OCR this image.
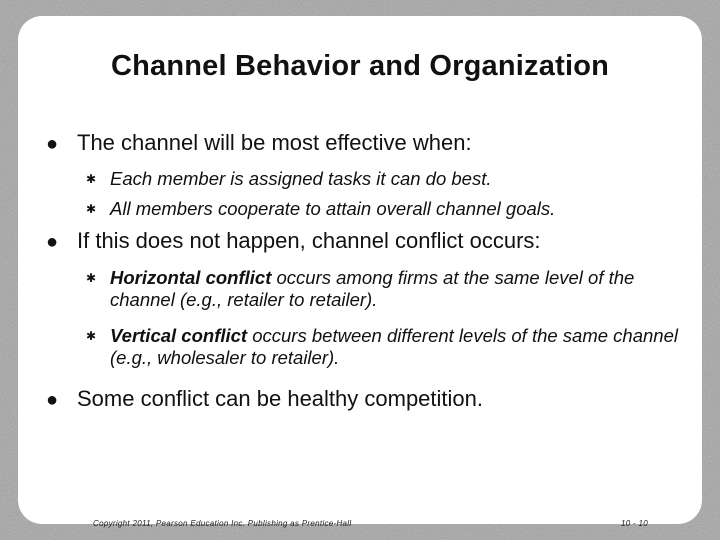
Channel Behavior and Organization
● The channel will be most effective when:
✱ Each member is assigned tasks it can do best.
✱ All members cooperate to attain overall channel goals.
● If this does not happen, channel conflict occurs:
✱ Horizontal conflict occurs among firms at the same level of the channel (e.g., retailer to retailer).
✱ Vertical conflict occurs between different levels of the same channel (e.g., wholesaler to retailer).
● Some conflict can be healthy competition.
Copyright 2011, Pearson Education Inc. Publishing as Prentice-Hall	10 - 10
